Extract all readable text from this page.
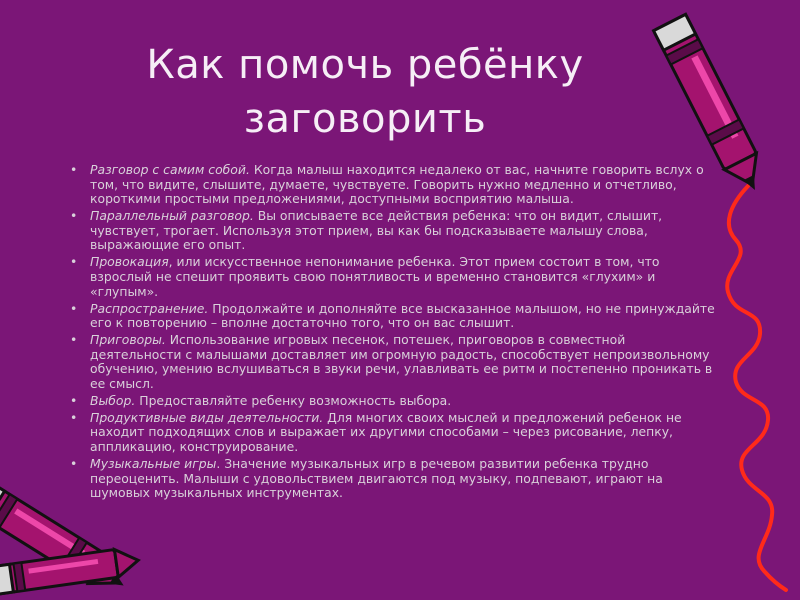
Как помочь ребёнку
заговорить
• Разговор с самим собой. Когда малыш находится недалеко от вас, начните говорить вслух о том, что видите, слышите, думаете, чувствуете. Говорить нужно медленно и отчетливо, короткими простыми предложениями, доступными восприятию малыша.
• Параллельный разговор. Вы описываете все действия ребенка: что он видит, слышит, чувствует, трогает. Используя этот прием, вы как бы подсказываете малышу слова, выражающие его опыт.
• Провокация, или искусственное непонимание ребенка. Этот прием состоит в том, что взрослый не спешит проявить свою понятливость и временно становится «глухим» и «глупым».
• Распространение. Продолжайте и дополняйте все высказанное малышом, но не принуждайте его к повторению – вполне достаточно того, что он вас слышит.
• Приговоры. Использование игровых песенок, потешек, приговоров в совместной деятельности с малышами доставляет им огромную радость, способствует непроизвольному обучению, умению вслушиваться в звуки речи, улавливать ее ритм и постепенно проникать в ее смысл.
• Выбор. Предоставляйте ребенку возможность выбора.
• Продуктивные виды деятельности. Для многих своих мыслей и предложений ребенок не находит подходящих слов и выражает их другими способами – через рисование, лепку, аппликацию, конструирование.
• Музыкальные игры. Значение музыкальных игр в речевом развитии ребенка трудно переоценить. Малыши с удовольствием двигаются под музыку, подпевают, играют на шумовых музыкальных инструментах.
